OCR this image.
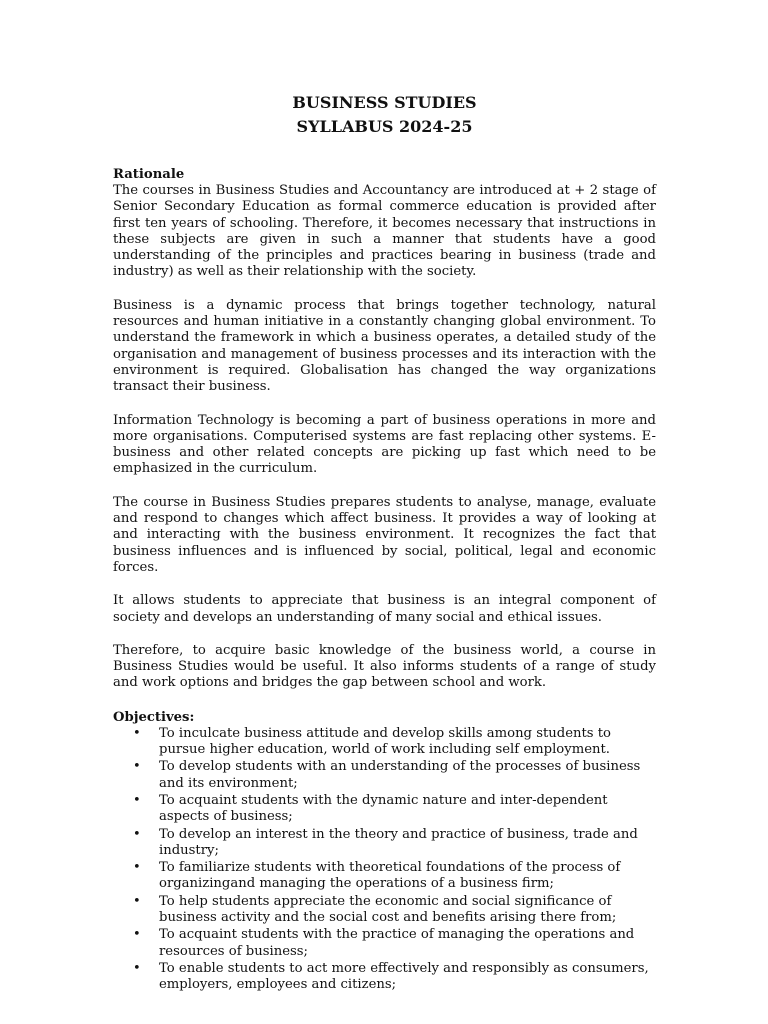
BUSINESS STUDIES
SYLLABUS 2024-25
Rationale

The courses in Business Studies and Accountancy are introduced at + 2 stage of Senior Secondary Education as formal commerce education is provided after first ten years of schooling. Therefore, it becomes necessary that instructions in these subjects are given in such a manner that students have a good understanding of the principles and practices bearing in business (trade and industry) as well as their relationship with the society.

Business is a dynamic process that brings together technology, natural resources and human initiative in a constantly changing global environment. To understand the framework in which a business operates, a detailed study of the organisation and management of business processes and its interaction with the environment is required. Globalisation has changed the way organizations transact their business.

Information Technology is becoming a part of business operations in more and more organisations. Computerised systems are fast replacing other systems. E-business and other related concepts are picking up fast which need to be emphasized in the curriculum.

The course in Business Studies prepares students to analyse, manage, evaluate and respond to changes which affect business. It provides a way of looking at and interacting with the business environment. It recognizes the fact that business influences and is influenced by social, political, legal and economic forces.

It allows students to appreciate that business is an integral component of society and develops an understanding of many social and ethical issues.

Therefore, to acquire basic knowledge of the business world, a course in Business Studies would be useful. It also informs students of a range of study and work options and bridges the gap between school and work.

Objectives:
• To inculcate business attitude and develop skills among students to pursue higher education, world of work including self employment.
• To develop students with an understanding of the processes of business and its environment;
• To acquaint students with the dynamic nature and inter-dependent aspects of business;
• To develop an interest in the theory and practice of business, trade and industry;
• To familiarize students with theoretical foundations of the process of organizingand managing the operations of a business firm;
• To help students appreciate the economic and social significance of business activity and the social cost and benefits arising there from;
• To acquaint students with the practice of managing the operations and resources of business;
• To enable students to act more effectively and responsibly as consumers, employers, employees and citizens;
